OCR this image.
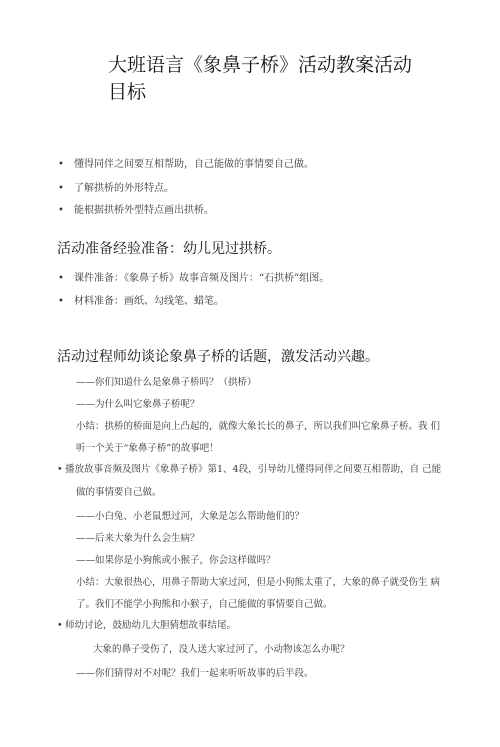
大班语言《象鼻子桥》活动教案活动
目标
• 懂得同伴之间要互相帮助，自己能做的事情要自己做。
• 了解拱桥的外形特点。
• 能根据拱桥外型特点画出拱桥。
活动准备经验准备：幼儿见过拱桥。
• 课件准备：《象鼻子桥》故事音频及图片：“石拱桥”组图。
• 材料准备：画纸、勾线笔、蜡笔。
活动过程师幼谈论象鼻子桥的话题，激发活动兴趣。
——你们知道什么是象鼻子桥吗？（拱桥）
——为什么叫它象鼻子桥呢？
小结：拱桥的桥面是向上凸起的，就像大象长长的鼻子，所以我们叫它象鼻子桥。我 们
听一个关于“象鼻子桥”的故事吧！
• 播放故事音频及图片《象鼻子桥》第1、4段，引导幼儿懂得同伴之间要互相帮助，自 己能
做的事情要自己做。
——小白兔、小老鼠想过河，大象是怎么帮助他们的？
——后来大象为什么会生病？
——如果你是小狗熊或小猴子，你会这样做吗？
小结：大象很热心，用鼻子帮助大家过河，但是小狗熊太重了，大象的鼻子就受伤生 病
了。我们不能学小狗熊和小猴子，自己能做的事情要自己做。
• 师幼讨论，鼓励幼儿大胆猜想故事结尾。
大象的鼻子受伤了，没人送大家过河了，小动物该怎么办呢？
——你们猜得对不对呢？我们一起来听听故事的后半段。
